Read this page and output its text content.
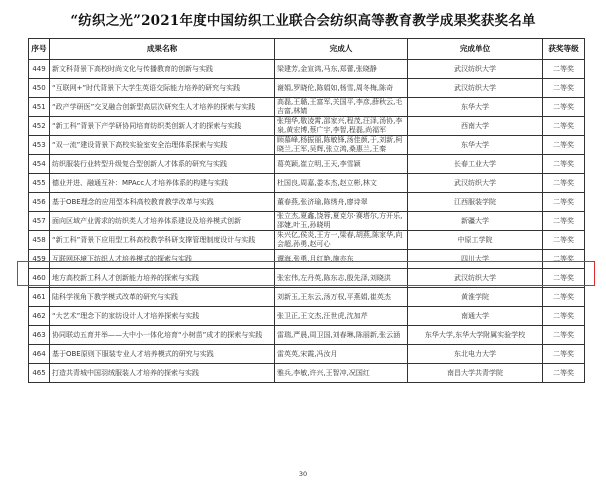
“纺织之光”2021年度中国纺织工业联合会纺织高等教育教学成果奖获奖名单
序号	成果名称	完成人	完成单位	获奖等级
449	新文科背景下高校时尚文化与传播教育的创新与实践	梁建芳,金宣鸿,马东,郑蕾,张晓静	武汉纺织大学	二等奖
450	“互联网+”时代背景下大学生英语交际能力培养的研究与实践	谢娟,罗晓伦,陈娟如,杨雪,周冬梅,陈奇	武汉纺织大学	二等奖
451	“政产学研医”交叉融合创新型高层次研究生人才培养的探索与实践	高磊,王璐,王富军,关国平,李彦,薛秋云,毛吉富,林婧	东华大学	二等奖
452	“新工科”背景下产学研协同培育纺织类创新人才的探索与实践	张翔华,敬凌霄,邵家兴,程茂,汪泽,汤协,李泉,黄宏博,蔡广宇,李智,程磊,尚福军	西南大学	二等奖
453	“双一流”建设背景下高校实验室安全治理体系探索与实践	顾慕峰,杨振丽,陈敏锋,汤佳颜,于,刘新,柯晓兰,王军,吴辉,张立鸿,桑惠兰,王秦	东华大学	二等奖
454	纺织服装行业转型升级复合型创新人才体系的研究与实践	葛英颖,崔立明,王天,李雪颖	长春工业大学	二等奖
455	德业并进、融通互补：MPAcc人才培养体系的构建与实践	杜国良,周嘉,娄本杰,赵立彬,林文	武汉纺织大学	二等奖
456	基于OBE理念的应用型本科高校教育教学改革与实践	董春燕,张济瑜,陈绣舟,廖诗翠	江西服装学院	二等奖
457	面向区域产业需求的纺织类人才培养体系建设及培养模式创新	张立杰,夏鑫,饶蓉,夏克尔·赛塔尔,方开乐,邵婕,叶玉,孙晓明	新疆大学	二等奖
458	“新工科”背景下应用型工科高校教学科研支撑管理制度设计与实践	朱兴亿,侯炎,王方一,梁春,胡燕,陈家华,向会超,孙勇,赵可心	中原工学院	二等奖
459	互联网环境下纺织人才培养模式的探索与实践	谭海,张勇,月红艳,施亦东	四川大学	二等奖
460	地方高校新工科人才创新能力培养的探索与实践	张宏伟,左丹英,陈东志,殷先泽,刘晓洪	武汉纺织大学	二等奖
461	陆科学视角下教学模式改革的研究与实践	刘新玉,王东云,汤万权,平燕娟,崔英杰	黄淮学院	二等奖
462	“大艺术”理念下的家纺设计人才培养探索与实践	张卫正,王文杰,汪世虎,沈加芹	南通大学	二等奖
463	协同联动五育并举——大中小一体化培育“小树苗”成才的探索与实践	雷瑞,严晨,周卫国,刘春琳,陈丽新,张云涵	东华大学,东华大学附属实验学校	二等奖
464	基于OBE原则下服装专业人才培养模式的研究与实践	雷英英,宋霞,冯汝月	东北电力大学	二等奖
465	打造共青城中国羽绒服装人才培养的探索与实践	雅兵,李敏,许兴,王智冲,况国红	南昌大学共青学院	二等奖
30
